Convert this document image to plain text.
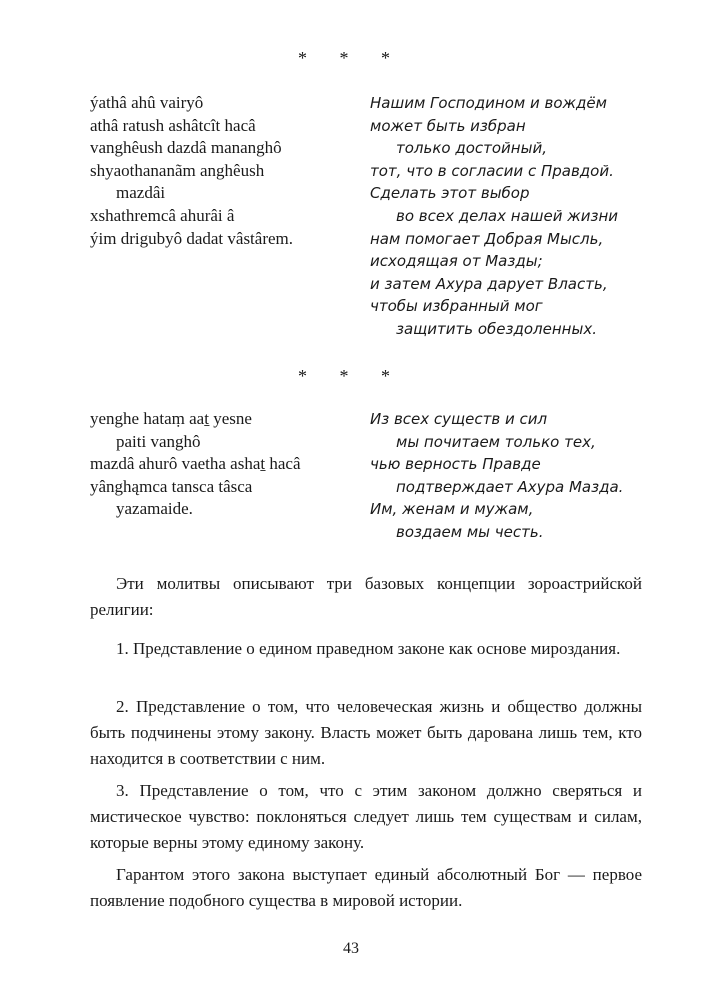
* * *
ýathâ ahû vairyô
athâ ratush ashâtcît hacâ
vanghêush dazdâ mananghô
shyaothananãm anghêush
mazdâi
xshathremcâ ahurâi â
ýim drigubyô dadat vâstârem.
Нашим Господином и вождём
может быть избран
только достойный,
тот, что в согласии с Правдой.
Сделать этот выбор
во всех делах нашей жизни
нам помогает Добрая Мысль,
исходящая от Мазды;
и затем Ахура дарует Власть,
чтобы избранный мог
защитить обездоленных.
* * *
yenghe hataṃ aaṯ yesne
paiti vanghô
mazdâ ahurô vaetha ashaṯ hacâ
yânghąmca tansca tâsca
yazamaide.
Из всех существ и сил
мы почитаем только тех,
чью верность Правде
подтверждает Ахура Мазда.
Им, женам и мужам,
воздаем мы честь.

Эти молитвы описывают три базовых концепции зороастрийской религии:

1. Представление о едином праведном законе как основе мироздания.

2. Представление о том, что человеческая жизнь и общество должны быть подчинены этому закону. Власть может быть дарована лишь тем, кто находится в соответствии с ним.

3. Представление о том, что с этим законом должно сверяться и мистическое чувство: поклоняться следует лишь тем существам и силам, которые верны этому единому закону.

Гарантом этого закона выступает единый абсолютный Бог — первое появление подобного существа в мировой истории.

43
